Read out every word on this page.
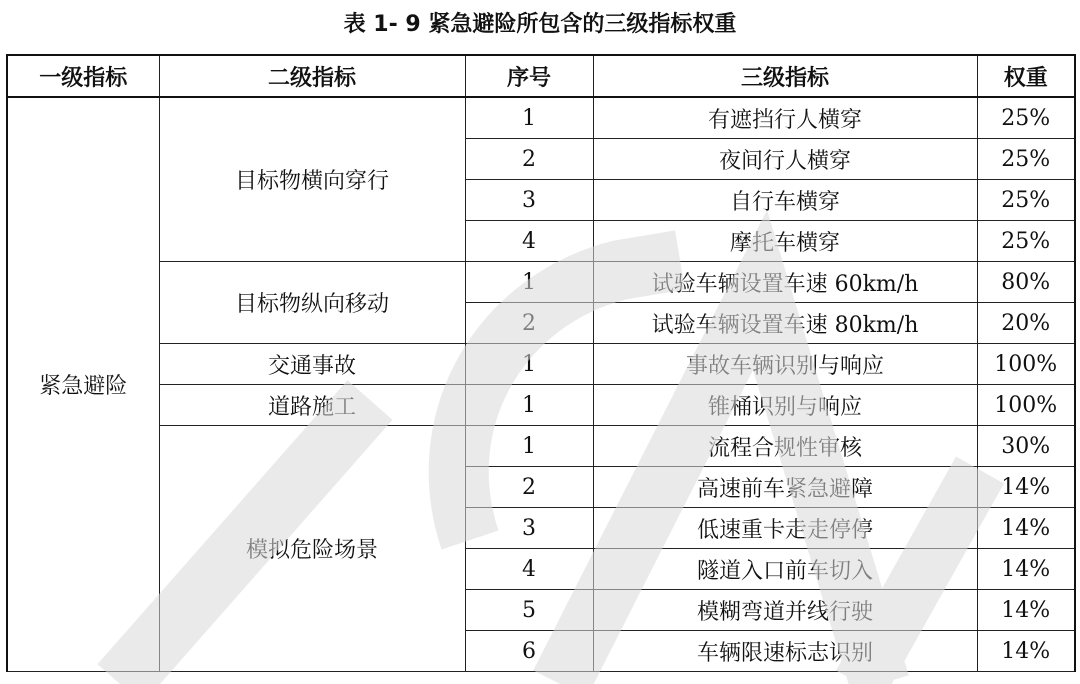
表 1- 9 紧急避险所包含的三级指标权重
一级指标	二级指标	序号	三级指标	权重
紧急避险	目标物横向穿行	1	有遮挡行人横穿	25%
		2	夜间行人横穿	25%
		3	自行车横穿	25%
		4	摩托车横穿	25%
	目标物纵向移动	1	试验车辆设置车速 60km/h	80%
		2	试验车辆设置车速 80km/h	20%
	交通事故	1	事故车辆识别与响应	100%
	道路施工	1	锥桶识别与响应	100%
	模拟危险场景	1	流程合规性审核	30%
		2	高速前车紧急避障	14%
		3	低速重卡走走停停	14%
		4	隧道入口前车切入	14%
		5	模糊弯道并线行驶	14%
		6	车辆限速标志识别	14%
